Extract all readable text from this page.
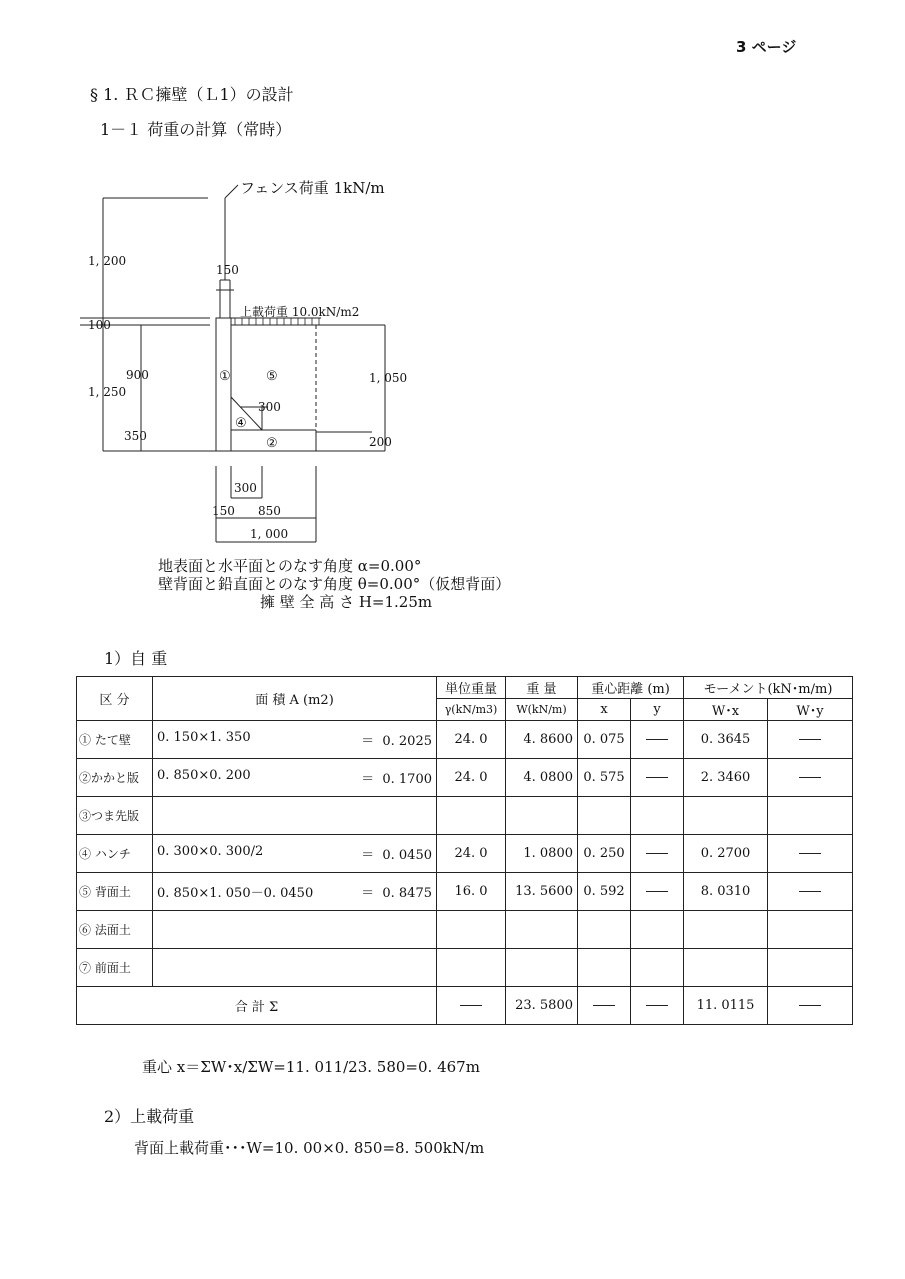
3 ページ
§ 1. ＲＣ擁壁（Ｌ1）の設計
1－１ 荷重の計算（常時）
フェンス荷重 1kN/m
上載荷重 10.0kN/m2
1, 200
150
100
900
1, 250
350
300
1, 050
200
300
150 850
1, 000
①	⑤
④
②
地表面と水平面とのなす角度 α=0.00°
壁背面と鉛直面とのなす角度 θ=0.00°（仮想背面）
擁 壁 全 高 さ H=1.25m
1）自 重
区 分	面 積 A (m2)	単位重量	重 量	重心距離 (m)		モーメント(kN･m/m)	
		γ(kN/m3)	W(kN/m)	x	y	W･x	W･y
① たて壁	0. 150×1. 350 ＝ 0. 2025	24. 0	4. 8600	0. 075		0. 3645	
②かかと版	0. 850×0. 200 ＝ 0. 1700	24. 0	4. 0800	0. 575		2. 3460	
③つま先版							
④ ハンチ	0. 300×0. 300/2 ＝ 0. 0450	24. 0	1. 0800	0. 250		0. 2700	
⑤ 背面土	0. 850×1. 050－0. 0450 ＝ 0. 8475	16. 0	13. 5600	0. 592		8. 0310	
⑥ 法面土							
⑦ 前面土							
合 計 Σ			23. 5800			11. 0115	
重心 x＝ΣW･x/ΣW=11. 011/23. 580=0. 467m
2）上載荷重
背面上載荷重･･･W=10. 00×0. 850=8. 500kN/m
